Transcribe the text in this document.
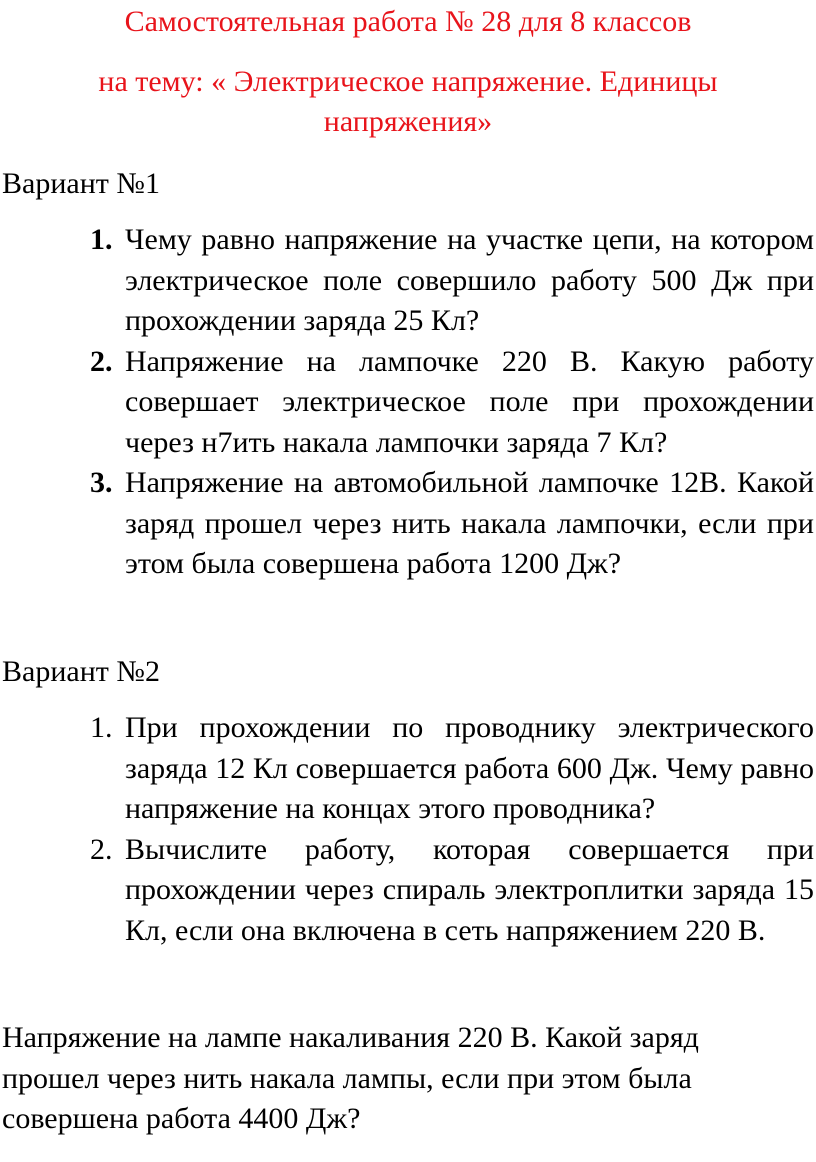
Самостоятельная работа № 28 для 8 классов
на тему: « Электрическое напряжение. Единицы напряжения»
Вариант №1
1. Чему равно напряжение на участке цепи, на котором электрическое поле совершило работу 500 Дж при прохождении заряда 25 Кл?
2. Напряжение на лампочке 220 В. Какую работу совершает электрическое поле при прохождении через н7ить накала лампочки заряда 7 Кл?
3. Напряжение на автомобильной лампочке 12В. Какой заряд прошел через нить накала лампочки, если при этом была совершена работа 1200 Дж?
Вариант №2
1. При прохождении по проводнику электрического заряда 12 Кл совершается работа 600 Дж. Чему равно напряжение на концах этого проводника?
2. Вычислите работу, которая совершается при прохождении через спираль электроплитки заряда 15 Кл, если она включена в сеть напряжением 220 В.

Напряжение на лампе накаливания 220 В. Какой заряд прошел через нить накала лампы, если при этом была совершена работа 4400 Дж?
